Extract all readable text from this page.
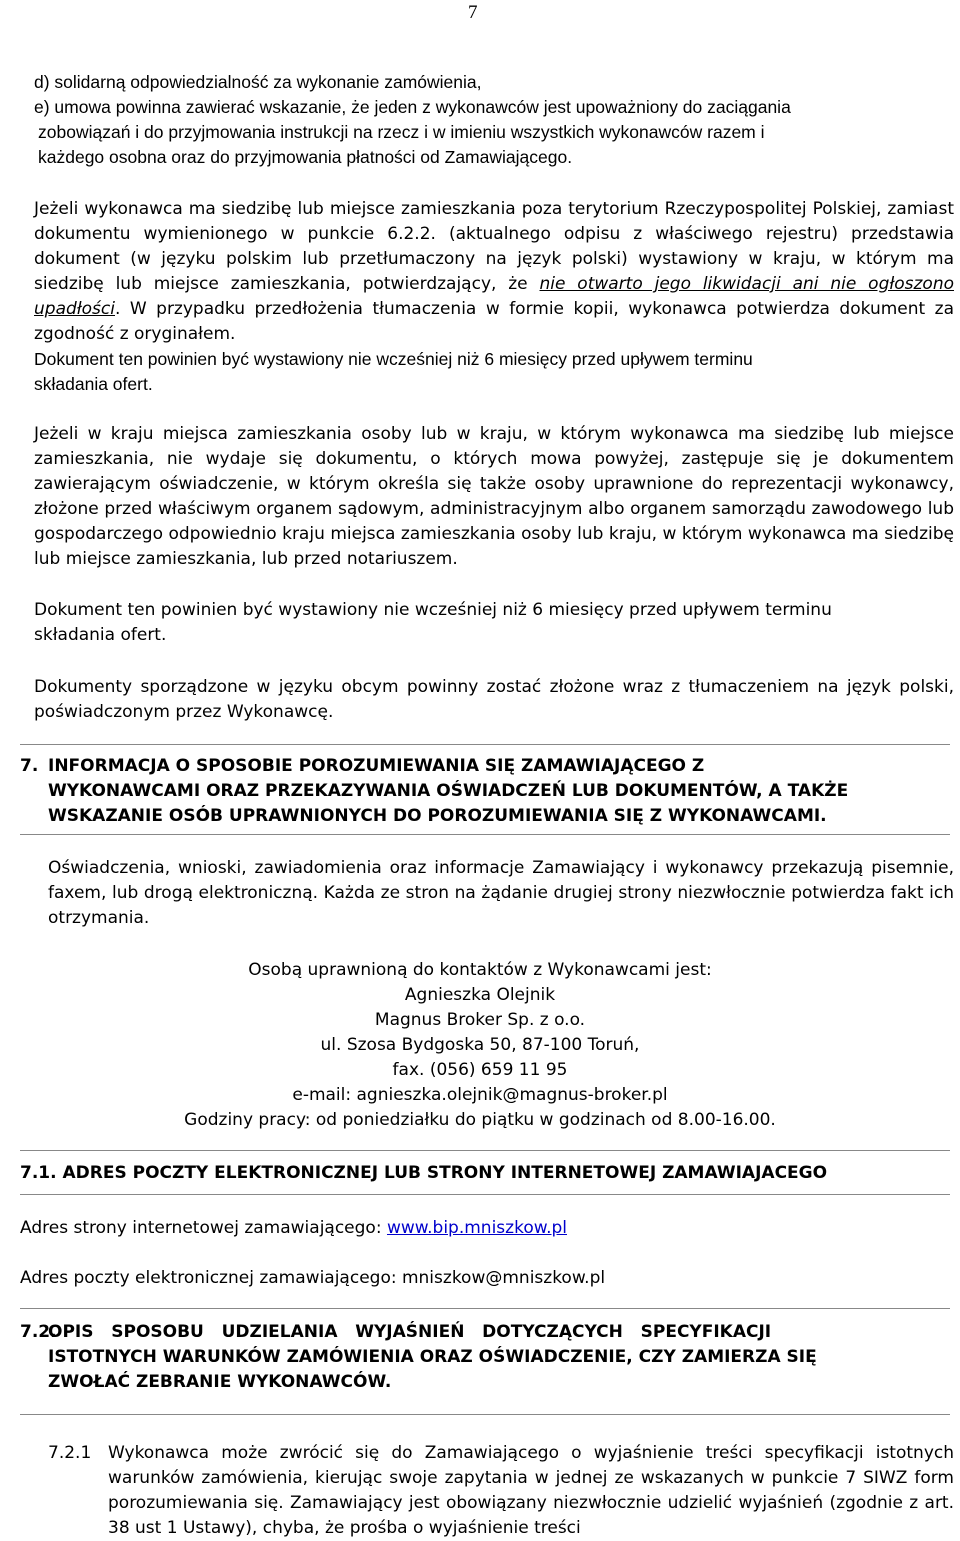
7
d) solidarną odpowiedzialność za wykonanie zamówienia,
e) umowa powinna zawierać wskazanie, że jeden z wykonawców jest upoważniony do zaciągania
zobowiązań i do przyjmowania instrukcji na rzecz i w imieniu wszystkich wykonawców razem i
każdego osobna oraz do przyjmowania płatności od Zamawiającego.
Jeżeli wykonawca ma siedzibę lub miejsce zamieszkania poza terytorium Rzeczypospolitej Polskiej, zamiast dokumentu wymienionego w punkcie 6.2.2. (aktualnego odpisu z właściwego rejestru) przedstawia dokument (w języku polskim lub przetłumaczony na język polski) wystawiony w kraju, w którym ma siedzibę lub miejsce zamieszkania, potwierdzający, że nie otwarto jego likwidacji ani nie ogłoszono upadłości. W przypadku przedłożenia tłumaczenia w formie kopii, wykonawca potwierdza dokument za zgodność z oryginałem.
Dokument ten powinien być wystawiony nie wcześniej niż 6 miesięcy przed upływem terminu
składania ofert.
Jeżeli w kraju miejsca zamieszkania osoby lub w kraju, w którym wykonawca ma siedzibę lub miejsce zamieszkania, nie wydaje się dokumentu, o których mowa powyżej, zastępuje się je dokumentem zawierającym oświadczenie, w którym określa się także osoby uprawnione do reprezentacji wykonawcy, złożone przed właściwym organem sądowym, administracyjnym albo organem samorządu zawodowego lub gospodarczego odpowiednio kraju miejsca zamieszkania osoby lub kraju, w którym wykonawca ma siedzibę lub miejsce zamieszkania, lub przed notariuszem.
Dokument ten powinien być wystawiony nie wcześniej niż 6 miesięcy przed upływem terminu
składania ofert.
Dokumenty sporządzone w języku obcym powinny zostać złożone wraz z tłumaczeniem na język polski, poświadczonym przez Wykonawcę.
7. INFORMACJA O SPOSOBIE POROZUMIEWANIA SIĘ ZAMAWIAJĄCEGO Z
WYKONAWCAMI ORAZ PRZEKAZYWANIA OŚWIADCZEŃ LUB DOKUMENTÓW, A TAKŻE
WSKAZANIE OSÓB UPRAWNIONYCH DO POROZUMIEWANIA SIĘ Z WYKONAWCAMI.
Oświadczenia, wnioski, zawiadomienia oraz informacje Zamawiający i wykonawcy przekazują pisemnie, faxem, lub drogą elektroniczną. Każda ze stron na żądanie drugiej strony niezwłocznie potwierdza fakt ich otrzymania.
Osobą uprawnioną do kontaktów z Wykonawcami jest:
Agnieszka Olejnik
Magnus Broker Sp. z o.o.
ul. Szosa Bydgoska 50, 87-100 Toruń,
fax. (056) 659 11 95
e-mail: agnieszka.olejnik@magnus-broker.pl
Godziny pracy: od poniedziałku do piątku w godzinach od 8.00-16.00.
7.1. ADRES POCZTY ELEKTRONICZNEJ LUB STRONY INTERNETOWEJ ZAMAWIAJACEGO
Adres strony internetowej zamawiającego: www.bip.mniszkow.pl
Adres poczty elektronicznej zamawiającego: mniszkow@mniszkow.pl
7.2.
OPIS   SPOSOBU   UDZIELANIA   WYJAŚNIEŃ   DOTYCZĄCYCH   SPECYFIKACJI
ISTOTNYCH WARUNKÓW ZAMÓWIENIA ORAZ OŚWIADCZENIE, CZY ZAMIERZA SIĘ
ZWOŁAĆ ZEBRANIE WYKONAWCÓW.
7.2.1 Wykonawca może zwrócić się do Zamawiającego o wyjaśnienie treści specyfikacji istotnych warunków zamówienia, kierując swoje zapytania w jednej ze wskazanych w punkcie 7 SIWZ form porozumiewania się. Zamawiający jest obowiązany niezwłocznie udzielić wyjaśnień (zgodnie z art. 38 ust 1 Ustawy), chyba, że prośba o wyjaśnienie treści
